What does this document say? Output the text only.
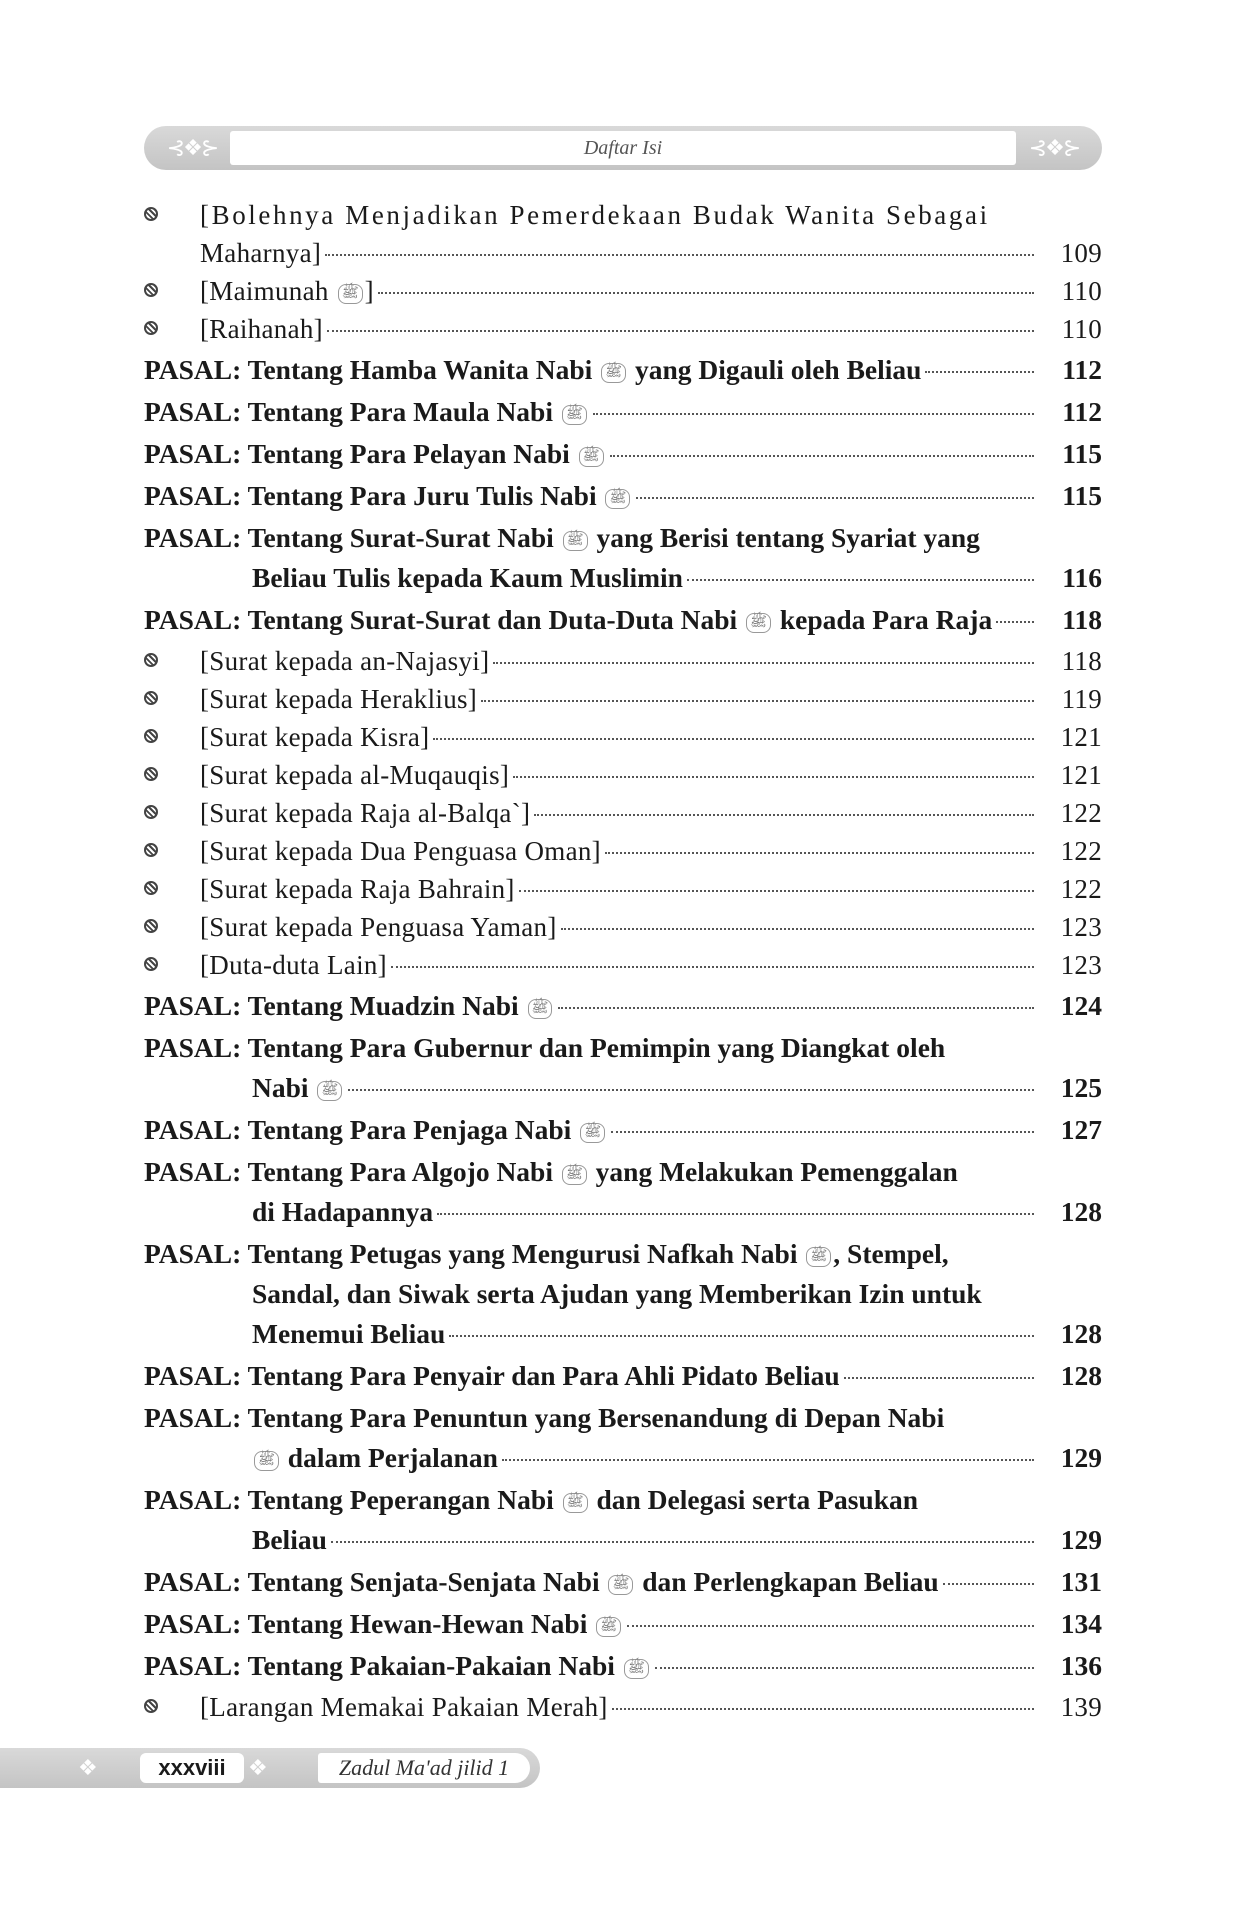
⊰❖⊱	Daftar Isi	⊰❖⊱
[Bolehnya Menjadikan Pemerdekaan Budak Wanita Sebagai
Maharnya]	109
[Maimunah ﷺ ]	110
[Raihanah]	110
PASAL: Tentang Hamba Wanita Nabi ﷺ yang Digauli oleh Beliau	112
PASAL: Tentang Para Maula Nabi ﷺ	112
PASAL: Tentang Para Pelayan Nabi ﷺ	115
PASAL: Tentang Para Juru Tulis Nabi ﷺ	115
PASAL: Tentang Surat-Surat Nabi ﷺ yang Berisi tentang Syariat yang
Beliau Tulis kepada Kaum Muslimin	116
PASAL: Tentang Surat-Surat dan Duta-Duta Nabi ﷺ kepada Para Raja	118
[Surat kepada an-Najasyi]	118
[Surat kepada Heraklius]	119
[Surat kepada Kisra]	121
[Surat kepada al-Muqauqis]	121
[Surat kepada Raja al-Balqa`]	122
[Surat kepada Dua Penguasa Oman]	122
[Surat kepada Raja Bahrain]	122
[Surat kepada Penguasa Yaman]	123
[Duta-duta Lain]	123
PASAL: Tentang Muadzin Nabi ﷺ	124
PASAL: Tentang Para Gubernur dan Pemimpin yang Diangkat oleh
Nabi ﷺ	125
PASAL: Tentang Para Penjaga Nabi ﷺ	127
PASAL: Tentang Para Algojo Nabi ﷺ yang Melakukan Pemenggalan
di Hadapannya	128
PASAL: Tentang Petugas yang Mengurusi Nafkah Nabi ﷺ , Stempel,
Sandal, dan Siwak serta Ajudan yang Memberikan Izin untuk
Menemui Beliau	128
PASAL: Tentang Para Penyair dan Para Ahli Pidato Beliau	128
PASAL: Tentang Para Penuntun yang Bersenandung di Depan Nabi
ﷺ dalam Perjalanan	129
PASAL: Tentang Peperangan Nabi ﷺ dan Delegasi serta Pasukan
Beliau	129
PASAL: Tentang Senjata-Senjata Nabi ﷺ dan Perlengkapan Beliau	131
PASAL: Tentang Hewan-Hewan Nabi ﷺ	134
PASAL: Tentang Pakaian-Pakaian Nabi ﷺ	136
[Larangan Memakai Pakaian Merah]	139
❖	xxxviii	❖	Zadul Ma'ad jilid 1
